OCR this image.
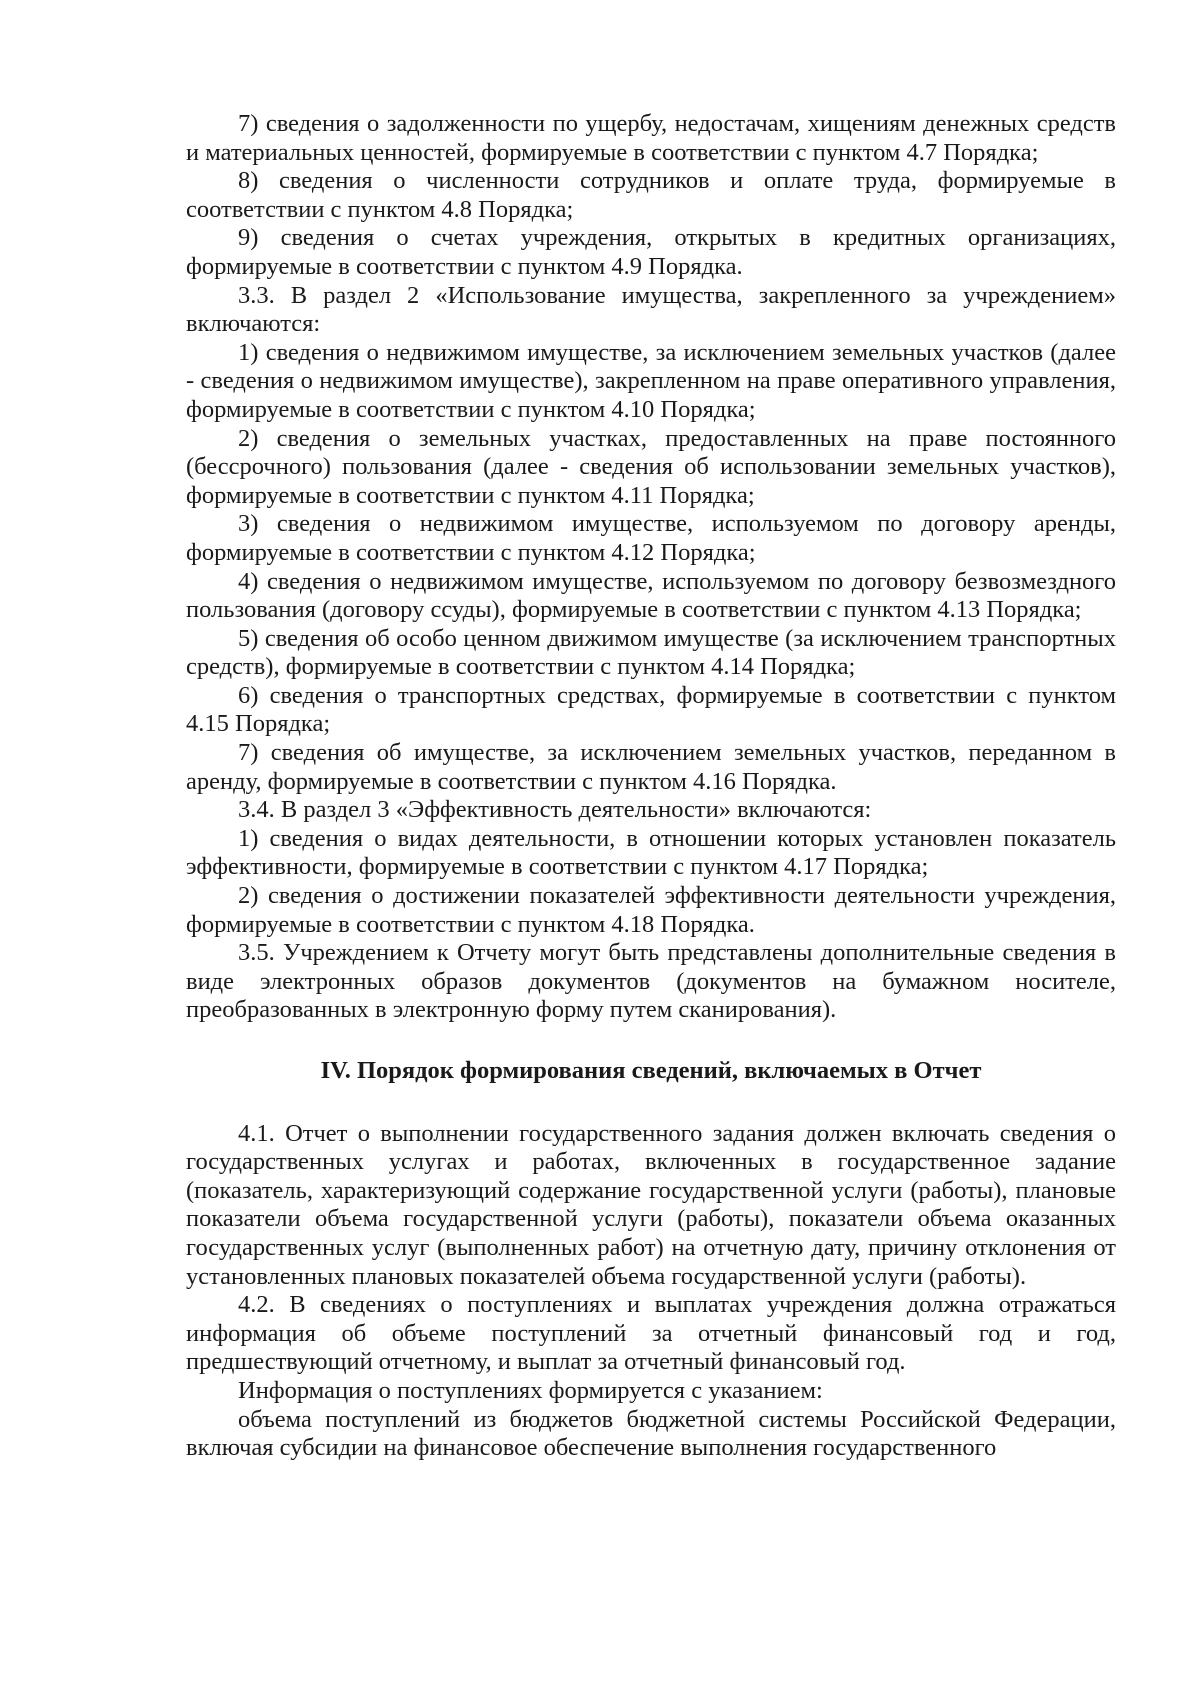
7) сведения о задолженности по ущербу, недостачам, хищениям денежных средств и материальных ценностей, формируемые в соответствии с пунктом 4.7 Порядка;

8) сведения о численности сотрудников и оплате труда, формируемые в соответствии с пунктом 4.8 Порядка;

9) сведения о счетах учреждения, открытых в кредитных организациях, формируемые в соответствии с пунктом 4.9 Порядка.

3.3. В раздел 2 «Использование имущества, закрепленного за учреждением» включаются:

1) сведения о недвижимом имуществе, за исключением земельных участков (далее - сведения о недвижимом имуществе), закрепленном на праве оперативного управления, формируемые в соответствии с пунктом 4.10 Порядка;

2) сведения о земельных участках, предоставленных на праве постоянного (бессрочного) пользования (далее - сведения об использовании земельных участков), формируемые в соответствии с пунктом 4.11 Порядка;

3) сведения о недвижимом имуществе, используемом по договору аренды, формируемые в соответствии с пунктом 4.12 Порядка;

4) сведения о недвижимом имуществе, используемом по договору безвозмездного пользования (договору ссуды), формируемые в соответствии с пунктом 4.13 Порядка;

5) сведения об особо ценном движимом имуществе (за исключением транспортных средств), формируемые в соответствии с пунктом 4.14 Порядка;

6) сведения о транспортных средствах, формируемые в соответствии с пунктом 4.15 Порядка;

7) сведения об имуществе, за исключением земельных участков, переданном в аренду, формируемые в соответствии с пунктом 4.16 Порядка.

3.4. В раздел 3 «Эффективность деятельности» включаются:

1) сведения о видах деятельности, в отношении которых установлен показатель эффективности, формируемые в соответствии с пунктом 4.17 Порядка;

2) сведения о достижении показателей эффективности деятельности учреждения, формируемые в соответствии с пунктом 4.18 Порядка.

3.5. Учреждением к Отчету могут быть представлены дополнительные сведения в виде электронных образов документов (документов на бумажном носителе, преобразованных в электронную форму путем сканирования).

IV. Порядок формирования сведений, включаемых в Отчет

4.1. Отчет о выполнении государственного задания должен включать сведения о государственных услугах и работах, включенных в государственное задание (показатель, характеризующий содержание государственной услуги (работы), плановые показатели объема государственной услуги (работы), показатели объема оказанных государственных услуг (выполненных работ) на отчетную дату, причину отклонения от установленных плановых показателей объема государственной услуги (работы).

4.2. В сведениях о поступлениях и выплатах учреждения должна отражаться информация об объеме поступлений за отчетный финансовый год и год, предшествующий отчетному, и выплат за отчетный финансовый год.

Информация о поступлениях формируется с указанием:

объема поступлений из бюджетов бюджетной системы Российской Федерации, включая субсидии на финансовое обеспечение выполнения государственного
